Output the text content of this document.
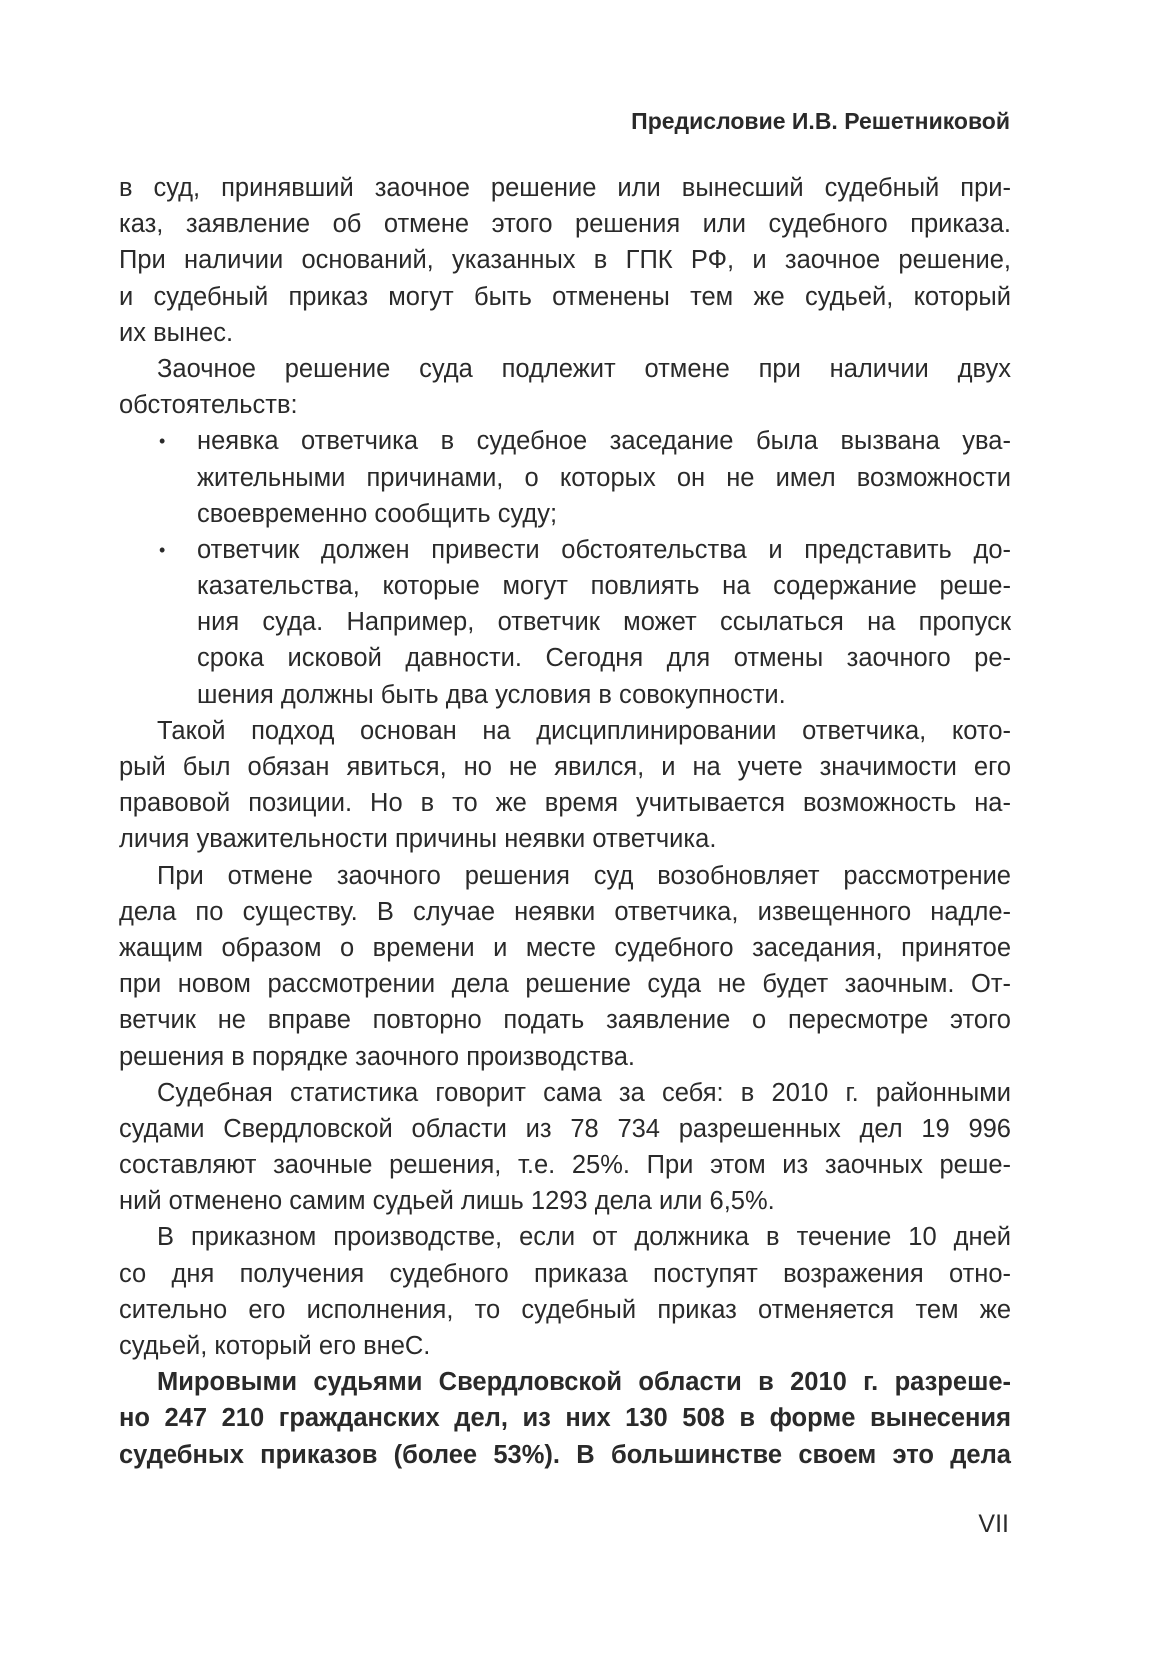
Предисловие И.В. Решетниковой
в суд, принявший заочное решение или вынесший судебный при-
каз, заявление об отмене этого решения или судебного приказа.
При наличии оснований, указанных в ГПК РФ, и заочное решение,
и судебный приказ могут быть отменены тем же судьей, который
их вынес.
Заочное решение суда подлежит отмене при наличии двух
обстоятельств:
• неявка ответчика в судебное заседание была вызвана ува-
жительными причинами, о которых он не имел возможности
своевременно сообщить суду;
• ответчик должен привести обстоятельства и представить до-
казательства, которые могут повлиять на содержание реше-
ния суда. Например, ответчик может ссылаться на пропуск
срока исковой давности. Сегодня для отмены заочного ре-
шения должны быть два условия в совокупности.
Такой подход основан на дисциплинировании ответчика, кото-
рый был обязан явиться, но не явился, и на учете значимости его
правовой позиции. Но в то же время учитывается возможность на-
личия уважительности причины неявки ответчика.
При отмене заочного решения суд возобновляет рассмотрение
дела по существу. В случае неявки ответчика, извещенного надле-
жащим образом о времени и месте судебного заседания, принятое
при новом рассмотрении дела решение суда не будет заочным. От-
ветчик не вправе повторно подать заявление о пересмотре этого
решения в порядке заочного производства.
Судебная статистика говорит сама за себя: в 2010 г. районными
судами Свердловской области из 78 734 разрешенных дел 19 996
составляют заочные решения, т.е. 25%. При этом из заочных реше-
ний отменено самим судьей лишь 1293 дела или 6,5%.
В приказном производстве, если от должника в течение 10 дней
со дня получения судебного приказа поступят возражения отно-
сительно его исполнения, то судебный приказ отменяется тем же
судьей, который его внеС.
Мировыми судьями Свердловской области в 2010 г. разреше-
но 247 210 гражданских дел, из них 130 508 в форме вынесения
судебных приказов (более 53%). В большинстве своем это дела
VII
